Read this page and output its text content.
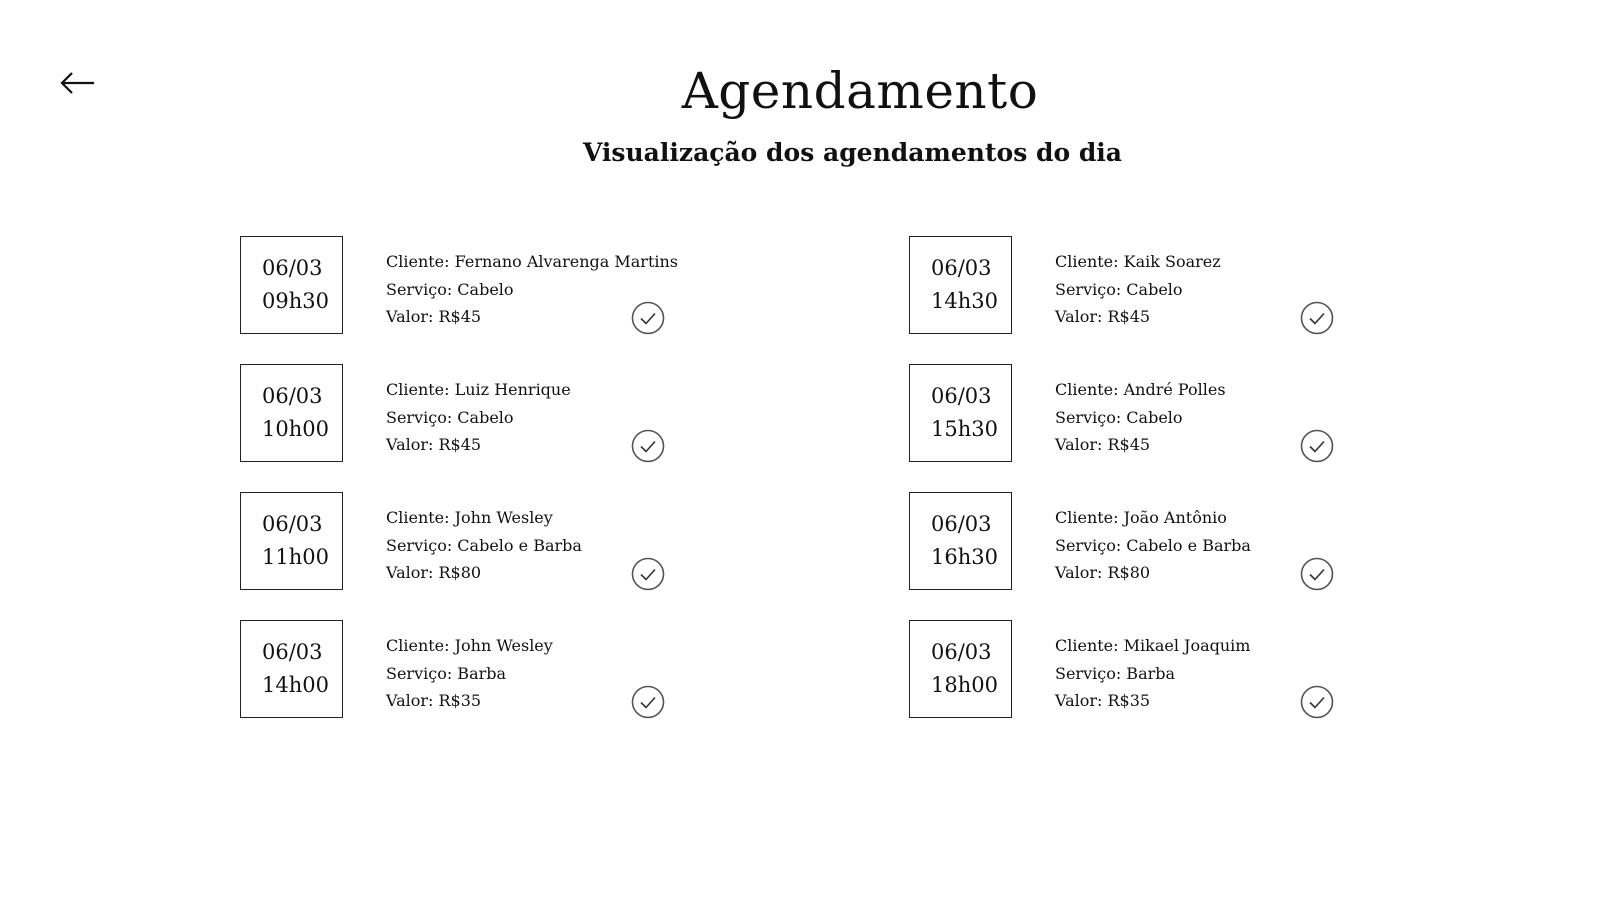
Agendamento
Visualização dos agendamentos do dia
06/03
09h30
Cliente: Fernano Alvarenga Martins
Serviço: Cabelo
Valor: R$45
06/03
10h00
Cliente: Luiz Henrique
Serviço: Cabelo
Valor: R$45
06/03
11h00
Cliente: John Wesley
Serviço: Cabelo e Barba
Valor: R$80
06/03
14h00
Cliente: John Wesley
Serviço: Barba
Valor: R$35
06/03
14h30
Cliente: Kaik Soarez
Serviço: Cabelo
Valor: R$45
06/03
15h30
Cliente: André Polles
Serviço: Cabelo
Valor: R$45
06/03
16h30
Cliente: João Antônio
Serviço: Cabelo e Barba
Valor: R$80
06/03
18h00
Cliente: Mikael Joaquim
Serviço: Barba
Valor: R$35
